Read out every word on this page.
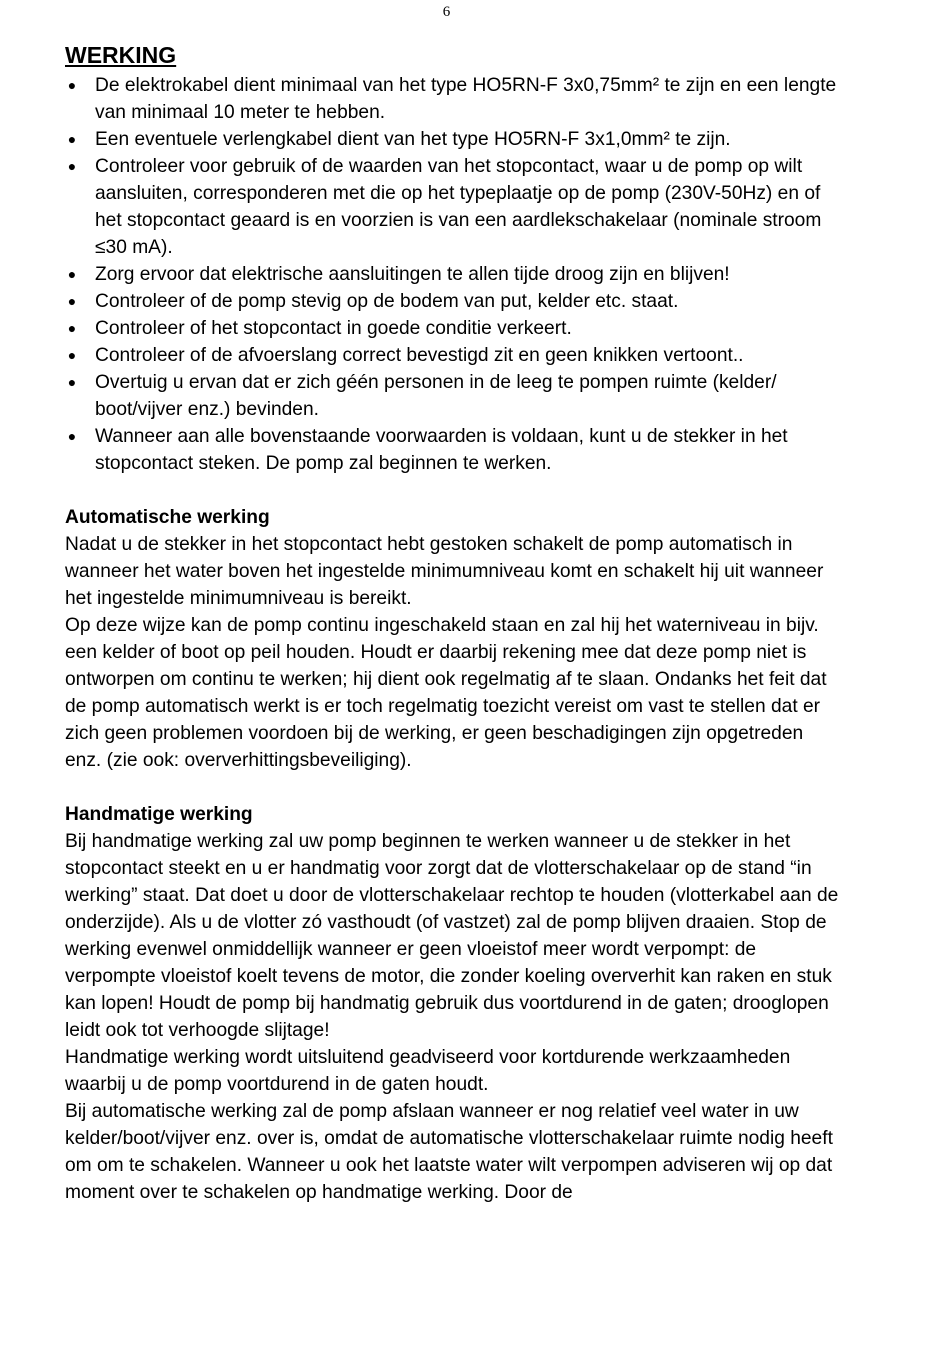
6
WERKING
● De elektrokabel dient minimaal van het type HO5RN-F 3x0,75mm² te zijn en een lengte van minimaal 10 meter te hebben.
● Een eventuele verlengkabel dient van het type HO5RN-F 3x1,0mm² te zijn.
● Controleer voor gebruik of de waarden van het stopcontact, waar u de pomp op wilt aansluiten, corresponderen met die op het typeplaatje op de pomp (230V-50Hz) en of het stopcontact geaard is en voorzien is van een aardlekschakelaar (nominale stroom ≤30 mA).
● Zorg ervoor dat elektrische aansluitingen te allen tijde droog zijn en blijven!
● Controleer of de pomp stevig op de bodem van put, kelder etc. staat.
● Controleer of het stopcontact in goede conditie verkeert.
● Controleer of de afvoerslang correct bevestigd zit en geen knikken vertoont..
● Overtuig u ervan dat er zich géén personen in de leeg te pompen ruimte (kelder/ boot/vijver enz.) bevinden.
● Wanneer aan alle bovenstaande voorwaarden is voldaan, kunt u de stekker in het stopcontact steken. De pomp zal beginnen te werken.
Automatische werking

Nadat u de stekker in het stopcontact hebt gestoken schakelt de pomp automatisch in wanneer het water boven het ingestelde minimumniveau komt en schakelt hij uit wanneer het ingestelde minimumniveau is bereikt.

Op deze wijze kan de pomp continu ingeschakeld staan en zal hij het waterniveau in bijv. een kelder of boot op peil houden. Houdt er daarbij rekening mee dat deze pomp niet is ontworpen om continu te werken; hij dient ook regelmatig af te slaan. Ondanks het feit dat de pomp automatisch werkt is er toch regelmatig toezicht vereist om vast te stellen dat er zich geen problemen voordoen bij de werking, er geen beschadigingen zijn opgetreden enz. (zie ook: oververhittingsbeveiliging).

Handmatige werking

Bij handmatige werking zal uw pomp beginnen te werken wanneer u de stekker in het stopcontact steekt en u er handmatig voor zorgt dat de vlotterschakelaar op de stand “in werking” staat. Dat doet u door de vlotterschakelaar rechtop te houden (vlotterkabel aan de onderzijde). Als u de vlotter zó vasthoudt (of vastzet) zal de pomp blijven draaien. Stop de werking evenwel onmiddellijk wanneer er geen vloeistof meer wordt verpompt: de verpompte vloeistof koelt tevens de motor, die zonder koeling oververhit kan raken en stuk kan lopen! Houdt de pomp bij handmatig gebruik dus voortdurend in de gaten; drooglopen leidt ook tot verhoogde slijtage!

Handmatige werking wordt uitsluitend geadviseerd voor kortdurende werkzaamheden waarbij u de pomp voortdurend in de gaten houdt.

Bij automatische werking zal de pomp afslaan wanneer er nog relatief veel water in uw kelder/boot/vijver enz. over is, omdat de automatische vlotterschakelaar ruimte nodig heeft om om te schakelen. Wanneer u ook het laatste water wilt verpompen adviseren wij op dat moment over te schakelen op handmatige werking. Door de
